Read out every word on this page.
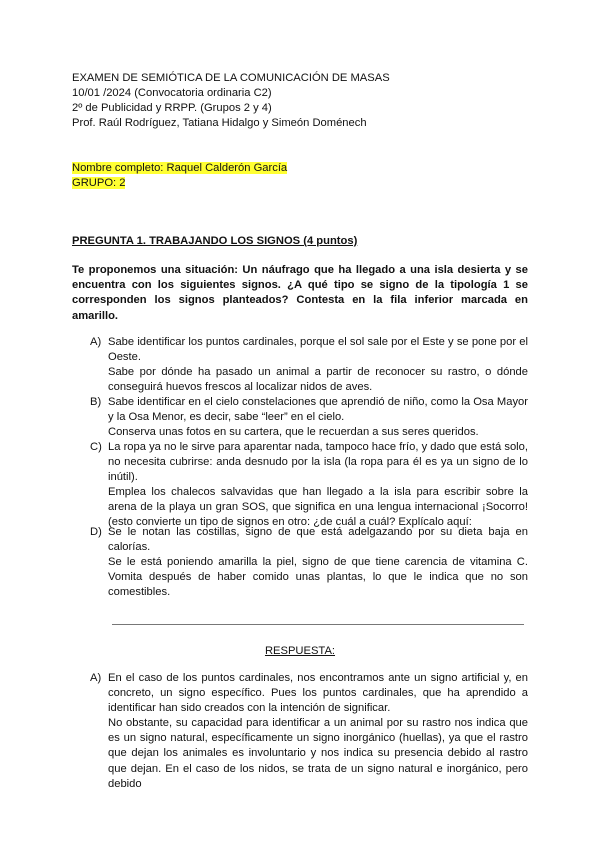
EXAMEN DE SEMIÓTICA DE LA COMUNICACIÓN DE MASAS
10/01 /2024 (Convocatoria ordinaria C2)
2º de Publicidad y RRPP. (Grupos 2 y 4)
Prof. Raúl Rodríguez, Tatiana Hidalgo y Simeón Doménech
Nombre completo: Raquel Calderón García
GRUPO: 2
PREGUNTA 1. TRABAJANDO LOS SIGNOS (4 puntos)
Te proponemos una situación: Un náufrago que ha llegado a una isla desierta y se encuentra con los siguientes signos. ¿A qué tipo se signo de la tipología 1 se corresponden los signos planteados? Contesta en la fila inferior marcada en amarillo.
A) Sabe identificar los puntos cardinales, porque el sol sale por el Este y se pone por el Oeste.

Sabe por dónde ha pasado un animal a partir de reconocer su rastro, o dónde conseguirá huevos frescos al localizar nidos de aves.

B) Sabe identificar en el cielo constelaciones que aprendió de niño, como la Osa Mayor y la Osa Menor, es decir, sabe “leer” en el cielo.

Conserva unas fotos en su cartera, que le recuerdan a sus seres queridos.

C) La ropa ya no le sirve para aparentar nada, tampoco hace frío, y dado que está solo, no necesita cubrirse: anda desnudo por la isla (la ropa para él es ya un signo de lo inútil).

Emplea los chalecos salvavidas que han llegado a la isla para escribir sobre la arena de la playa un gran SOS, que significa en una lengua internacional ¡Socorro! (esto convierte un tipo de signos en otro: ¿de cuál a cuál? Explícalo aquí:

D) Se le notan las costillas, signo de que está adelgazando por su dieta baja en calorías.

Se le está poniendo amarilla la piel, signo de que tiene carencia de vitamina C. Vomita después de haber comido unas plantas, lo que le indica que no son comestibles.

RESPUESTA:
A) En el caso de los puntos cardinales, nos encontramos ante un signo artificial y, en concreto, un signo específico. Pues los puntos cardinales, que ha aprendido a identificar han sido creados con la intención de significar.

No obstante, su capacidad para identificar a un animal por su rastro nos indica que es un signo natural, específicamente un signo inorgánico (huellas), ya que el rastro que dejan los animales es involuntario y nos indica su presencia debido al rastro que dejan. En el caso de los nidos, se trata de un signo natural e inorgánico, pero debido
